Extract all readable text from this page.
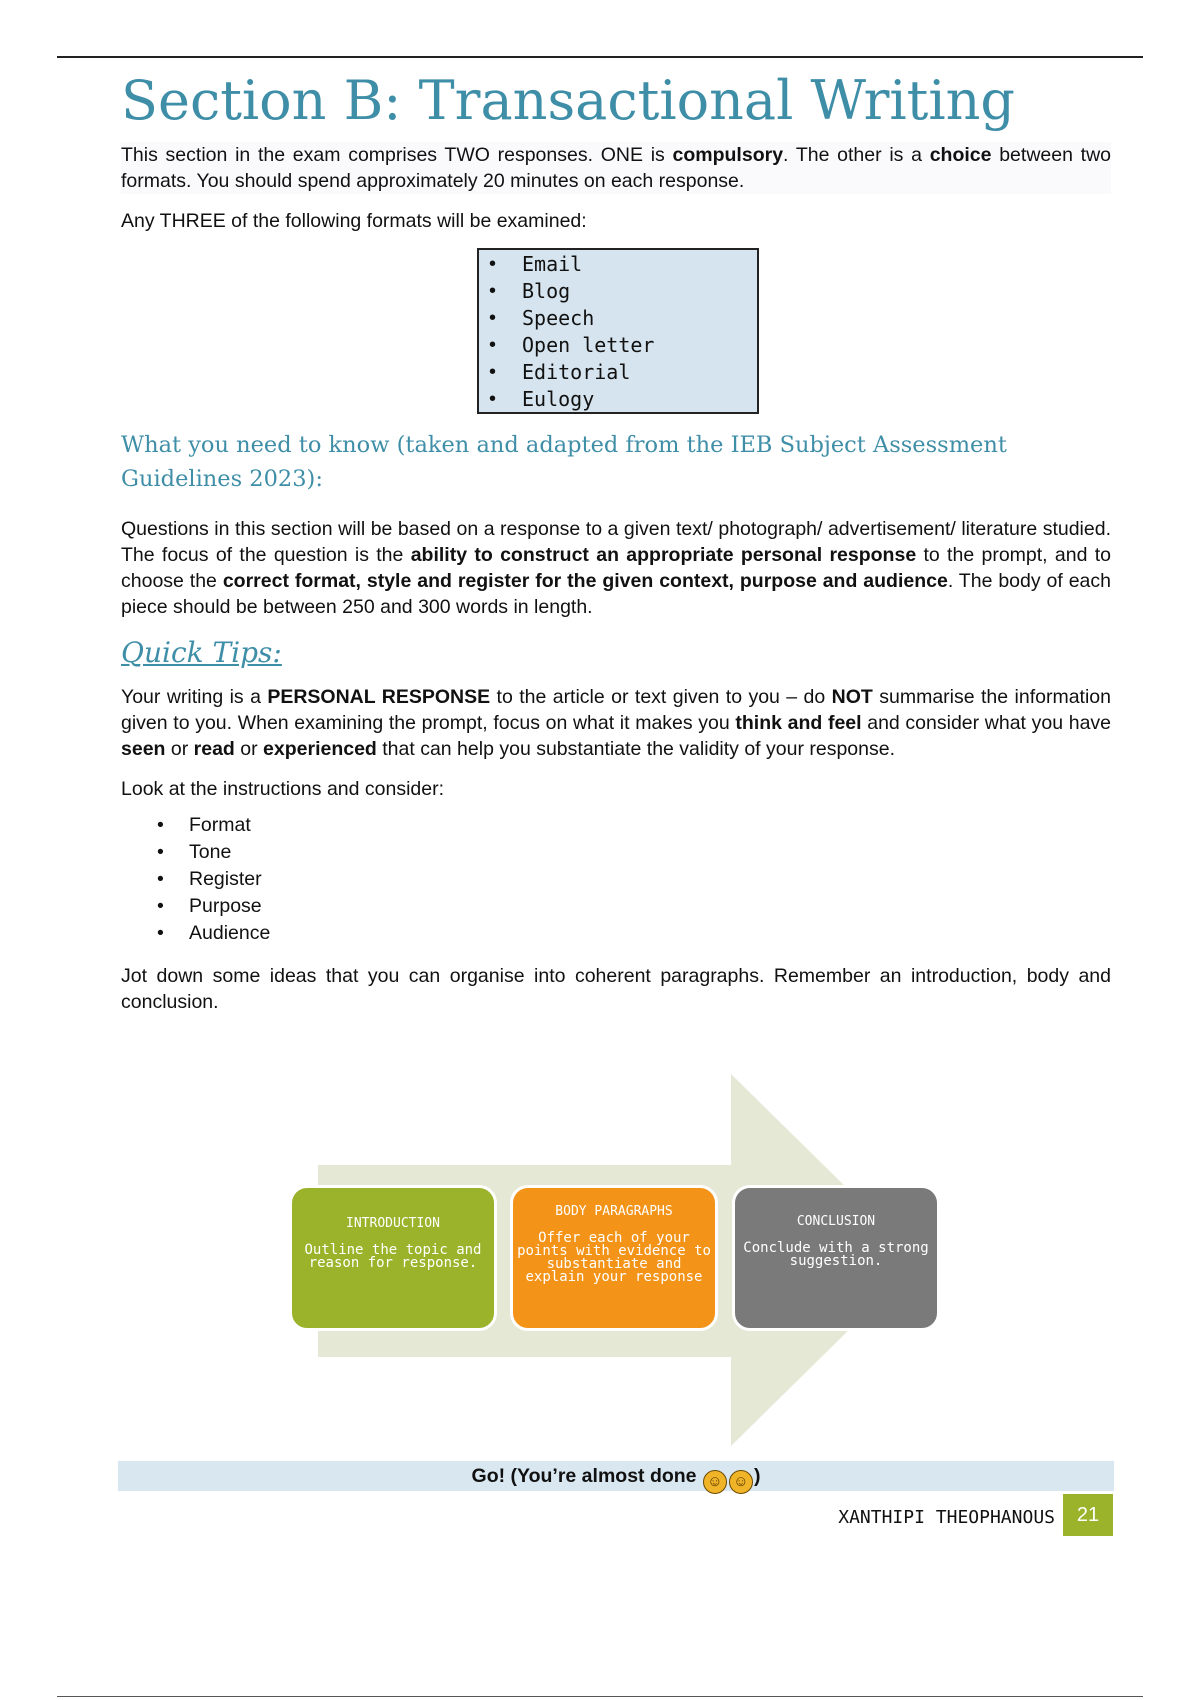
Section B: Transactional Writing

This section in the exam comprises TWO responses. ONE is compulsory. The other is a choice between two formats. You should spend approximately 20 minutes on each response.

Any THREE of the following formats will be examined:

• Email
• Blog
• Speech
• Open letter
• Editorial
• Eulogy
What you need to know (taken and adapted from the IEB Subject Assessment Guidelines 2023):

Questions in this section will be based on a response to a given text/ photograph/ advertisement/ literature studied. The focus of the question is the ability to construct an appropriate personal response to the prompt, and to choose the correct format, style and register for the given context, purpose and audience. The body of each piece should be between 250 and 300 words in length.

Quick Tips:

Your writing is a PERSONAL RESPONSE to the article or text given to you – do NOT summarise the information given to you. When examining the prompt, focus on what it makes you think and feel and consider what you have seen or read or experienced that can help you substantiate the validity of your response.

Look at the instructions and consider:

• Format
• Tone
• Register
• Purpose
• Audience

Jot down some ideas that you can organise into coherent paragraphs. Remember an introduction, body and conclusion.

INTRODUCTION
Outline the topic and reason for response.
BODY PARAGRAPHS
Offer each of your points with evidence to substantiate and explain your response
CONCLUSION
Conclude with a strong suggestion.
Go! (You’re almost done ☺ ☺ )
XANTHIPI THEOPHANOUS	21
